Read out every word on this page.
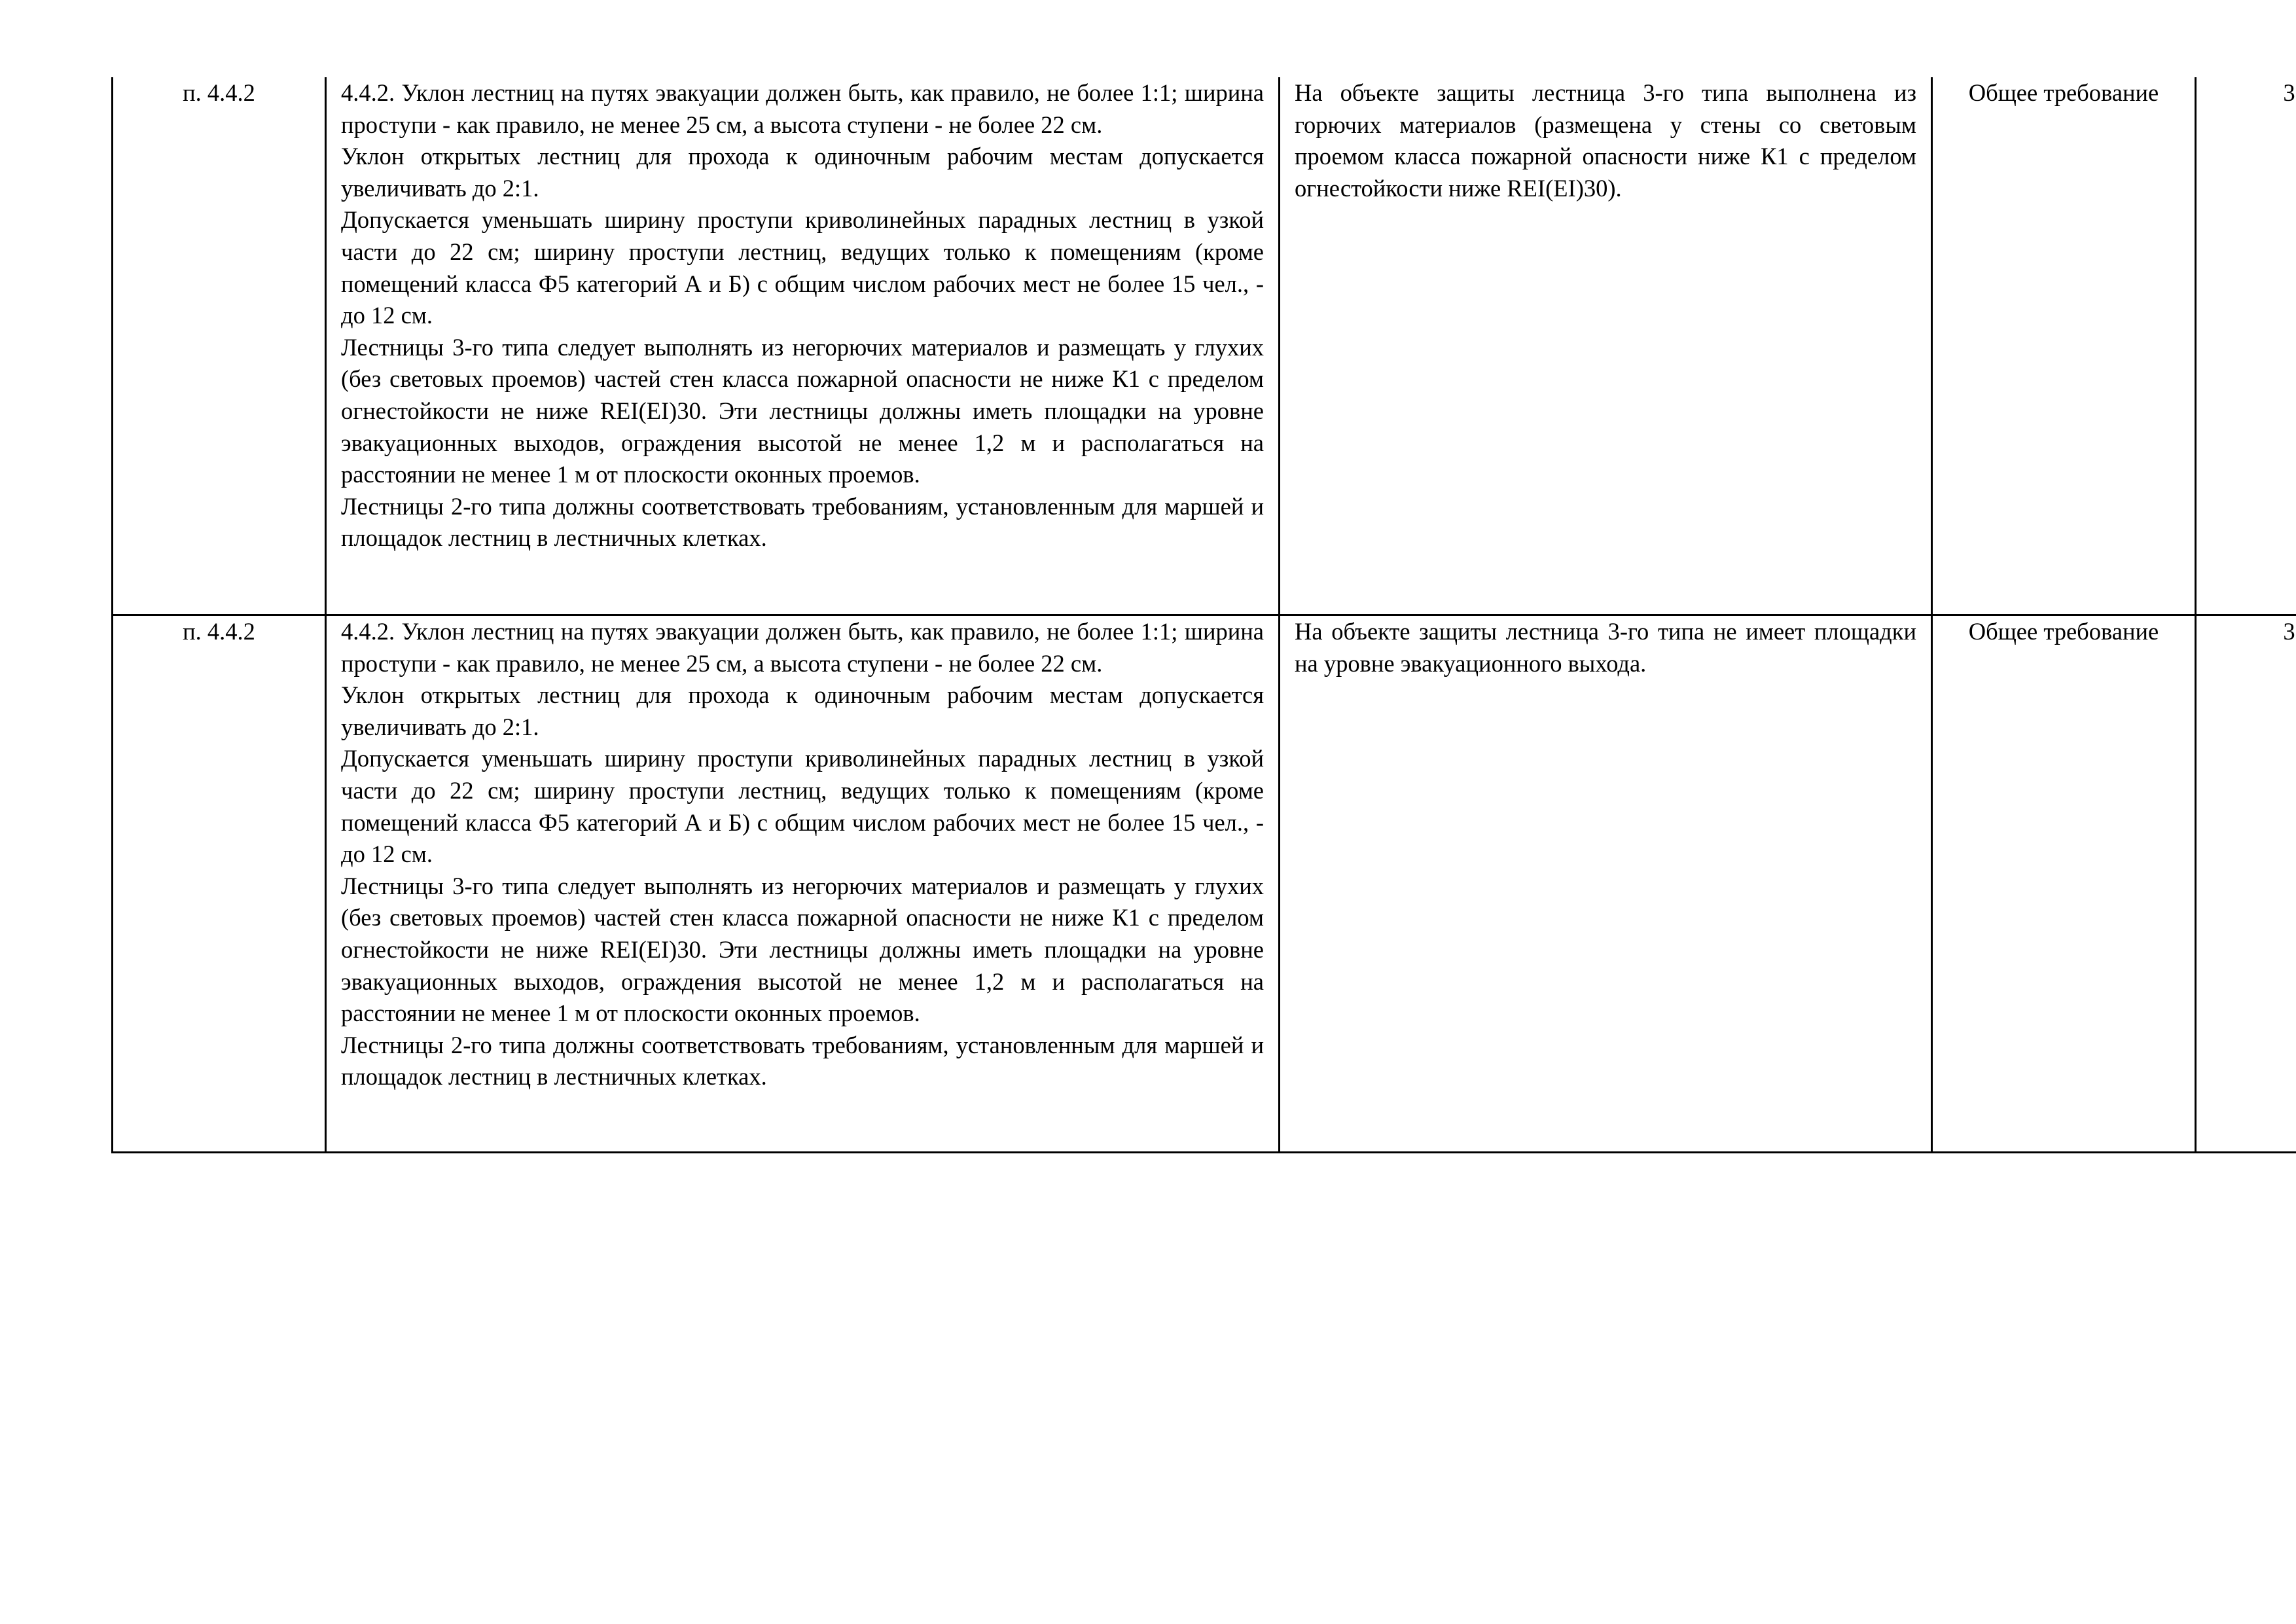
п. 4.4.2	4.4.2. Уклон лестниц на путях эвакуации должен быть, как правило, не более 1:1; ширина проступи - как правило, не менее 25 см, а высота ступени - не более 22 см.

Уклон открытых лестниц для прохода к одиночным рабочим местам допускается увеличивать до 2:1.

Допускается уменьшать ширину проступи криволинейных парадных лестниц в узкой части до 22 см; ширину проступи лестниц, ведущих только к помещениям (кроме помещений класса Ф5 категорий А и Б) с общим числом рабочих мест не более 15 чел., - до 12 см.

Лестницы 3-го типа следует выполнять из негорючих материалов и размещать у глухих (без световых проемов) частей стен класса пожарной опасности не ниже К1 с пределом огнестойкости не ниже REI(EI)30. Эти лестницы должны иметь площадки на уровне эвакуационных выходов, ограждения высотой не менее 1,2 м и располагаться на расстоянии не менее 1 м от плоскости оконных проемов.

Лестницы 2-го типа должны соответствовать требованиям, установленным для маршей и площадок лестниц в лестничных клетках.	На объекте защиты лестница 3-го типа выполнена из горючих материалов (размещена у стены со световым проемом класса пожарной опасности ниже К1 с пределом огнестойкости ниже REI(EI)30).	Общее требование	3
п. 4.4.2	4.4.2. Уклон лестниц на путях эвакуации должен быть, как правило, не более 1:1; ширина проступи - как правило, не менее 25 см, а высота ступени - не более 22 см.

Уклон открытых лестниц для прохода к одиночным рабочим местам допускается увеличивать до 2:1.

Допускается уменьшать ширину проступи криволинейных парадных лестниц в узкой части до 22 см; ширину проступи лестниц, ведущих только к помещениям (кроме помещений класса Ф5 категорий А и Б) с общим числом рабочих мест не более 15 чел., - до 12 см.

Лестницы 3-го типа следует выполнять из негорючих материалов и размещать у глухих (без световых проемов) частей стен класса пожарной опасности не ниже К1 с пределом огнестойкости не ниже REI(EI)30. Эти лестницы должны иметь площадки на уровне эвакуационных выходов, ограждения высотой не менее 1,2 м и располагаться на расстоянии не менее 1 м от плоскости оконных проемов.

Лестницы 2-го типа должны соответствовать требованиям, установленным для маршей и площадок лестниц в лестничных клетках.	На объекте защиты лестница 3-го типа не имеет площадки на уровне эвакуационного выхода.	Общее требование	3
